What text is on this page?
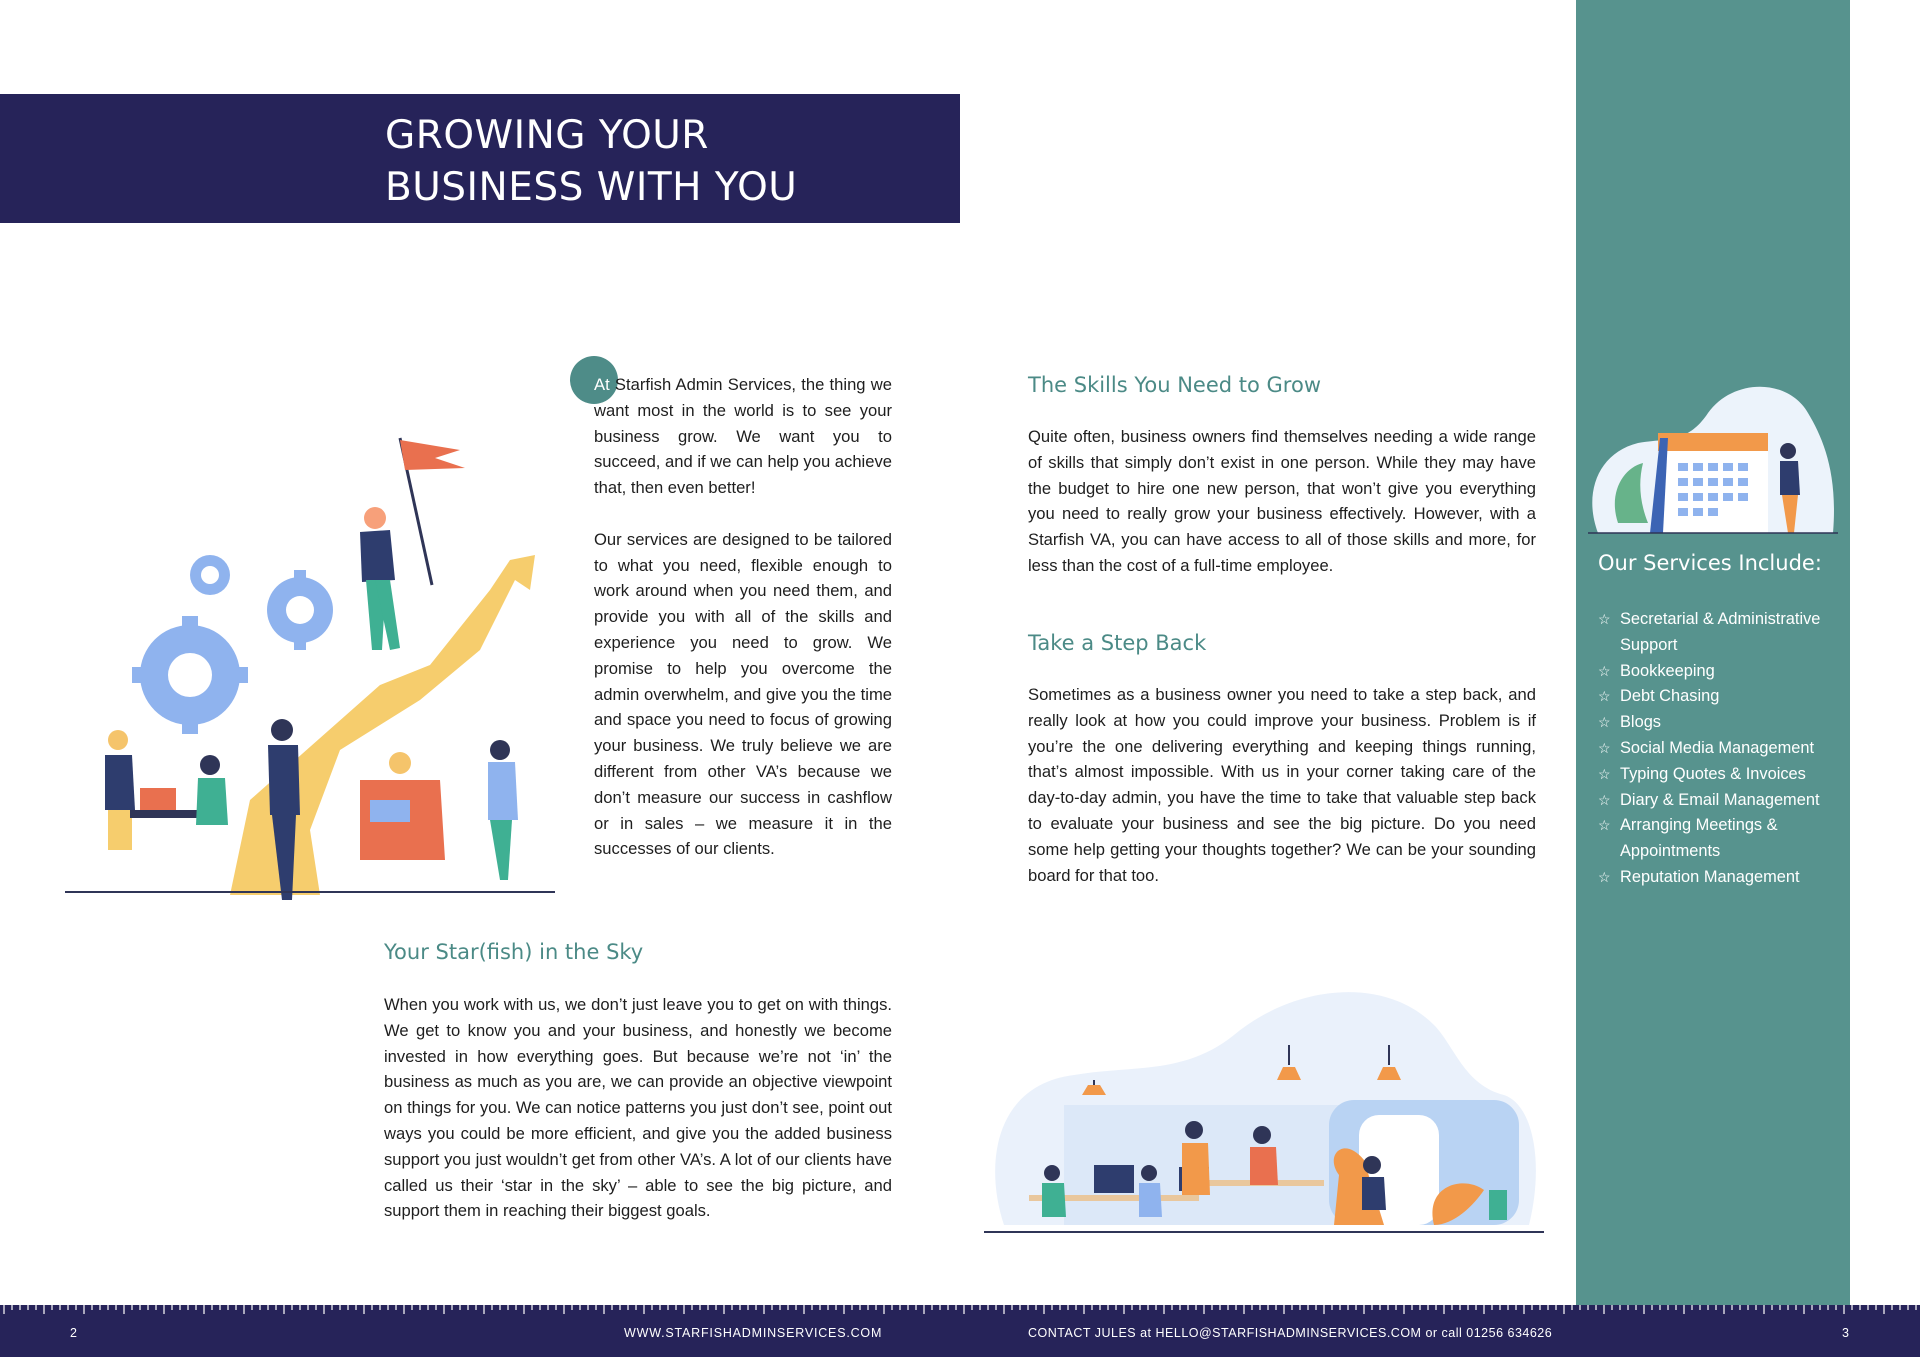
GROWING YOUR
BUSINESS WITH YOU

At Starfish Admin Services, the thing we want most in the world is to see your business grow. We want you to succeed, and if we can help you achieve that, then even better!

Our services are designed to be tailored to what you need, flexible enough to work around when you need them, and provide you with all of the skills and experience you need to grow. We promise to help you overcome the admin overwhelm, and give you the time and space you need to focus of growing your business. We truly believe we are different from other VA’s because we don’t measure our success in cashflow or in sales – we measure it in the successes of our clients.

Your Star(fish) in the Sky

When you work with us, we don’t just leave you to get on with things. We get to know you and your business, and honestly we become invested in how everything goes. But because we’re not ‘in’ the business as much as you are, we can provide an objective viewpoint on things for you. We can notice patterns you just don’t see, point out ways you could be more efficient, and give you the added business support you just wouldn’t get from other VA’s. A lot of our clients have called us their ‘star in the sky’ – able to see the big picture, and support them in reaching their biggest goals.

The Skills You Need to Grow

Quite often, business owners find themselves needing a wide range of skills that simply don’t exist in one person. While they may have the budget to hire one new person, that won’t give you everything you need to really grow your business effectively. However, with a Starfish VA, you can have access to all of those skills and more, for less than the cost of a full-time employee.

Take a Step Back

Sometimes as a business owner you need to take a step back, and really look at how you could improve your business. Problem is if you’re the one delivering everything and keeping things running, that’s almost impossible. With us in your corner taking care of the day-to-day admin, you have the time to take that valuable step back to evaluate your business and see the big picture. Do you need some help getting your thoughts together? We can be your sounding board for that too.

Our Services Include:
☆ Secretarial & Administrative Support
☆ Bookkeeping
☆ Debt Chasing
☆ Blogs
☆ Social Media Management
☆ Typing Quotes & Invoices
☆ Diary & Email Management
☆ Arranging Meetings & Appointments
☆ Reputation Management
2	WWW.STARFISHADMINSERVICES.COM	CONTACT JULES at HELLO@STARFISHADMINSERVICES.COM or call 01256 634626	3
